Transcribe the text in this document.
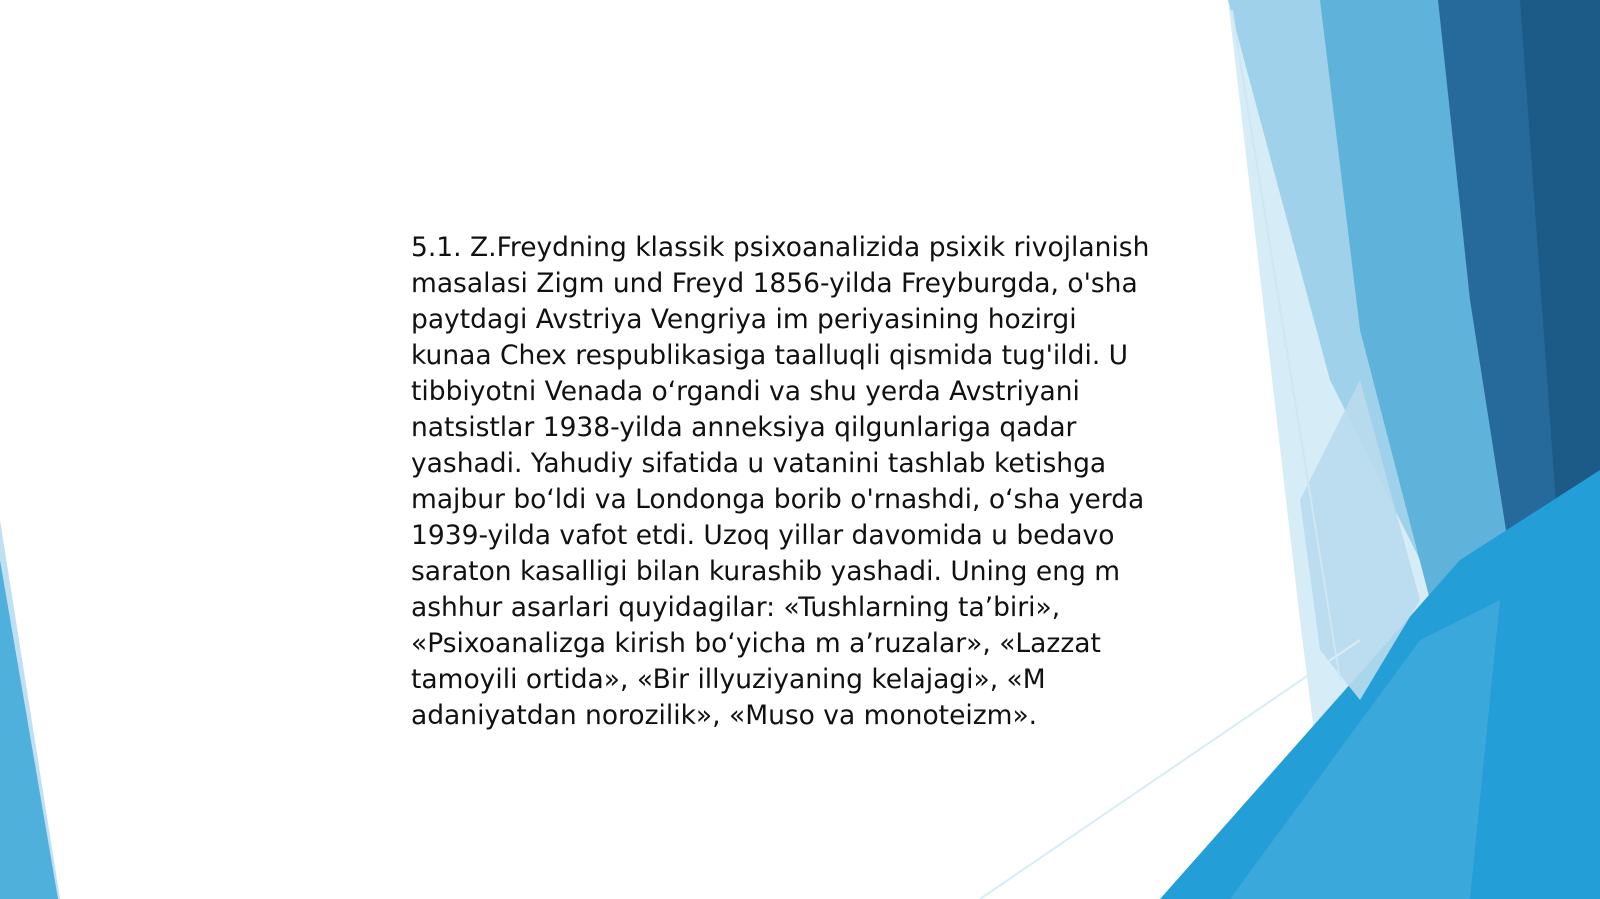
5.1. Z.Freydning klassik psixoanalizida psixik rivojlanish
masalasi Zigm und Freyd 1856-yilda Freyburgda, o'sha
paytdagi Avstriya Vengriya im periyasining hozirgi
kunaa Chex respublikasiga taalluqli qismida tug'ildi. U
tibbiyotni Venada o‘rgandi va shu yerda Avstriyani
natsistlar 1938-yilda anneksiya qilgunlariga qadar
yashadi. Yahudiy sifatida u vatanini tashlab ketishga
majbur bo‘ldi va Londonga borib o'rnashdi, o‘sha yerda
1939-yilda vafot etdi. Uzoq yillar davomida u bedavo
saraton kasalligi bilan kurashib yashadi. Uning eng m
ashhur asarlari quyidagilar: «Tushlarning ta’biri»,
«Psixoanalizga kirish bo‘yicha m a’ruzalar», «Lazzat
tamoyili ortida», «Bir illyuziyaning kelajagi», «M
adaniyatdan norozilik», «Muso va monoteizm».
